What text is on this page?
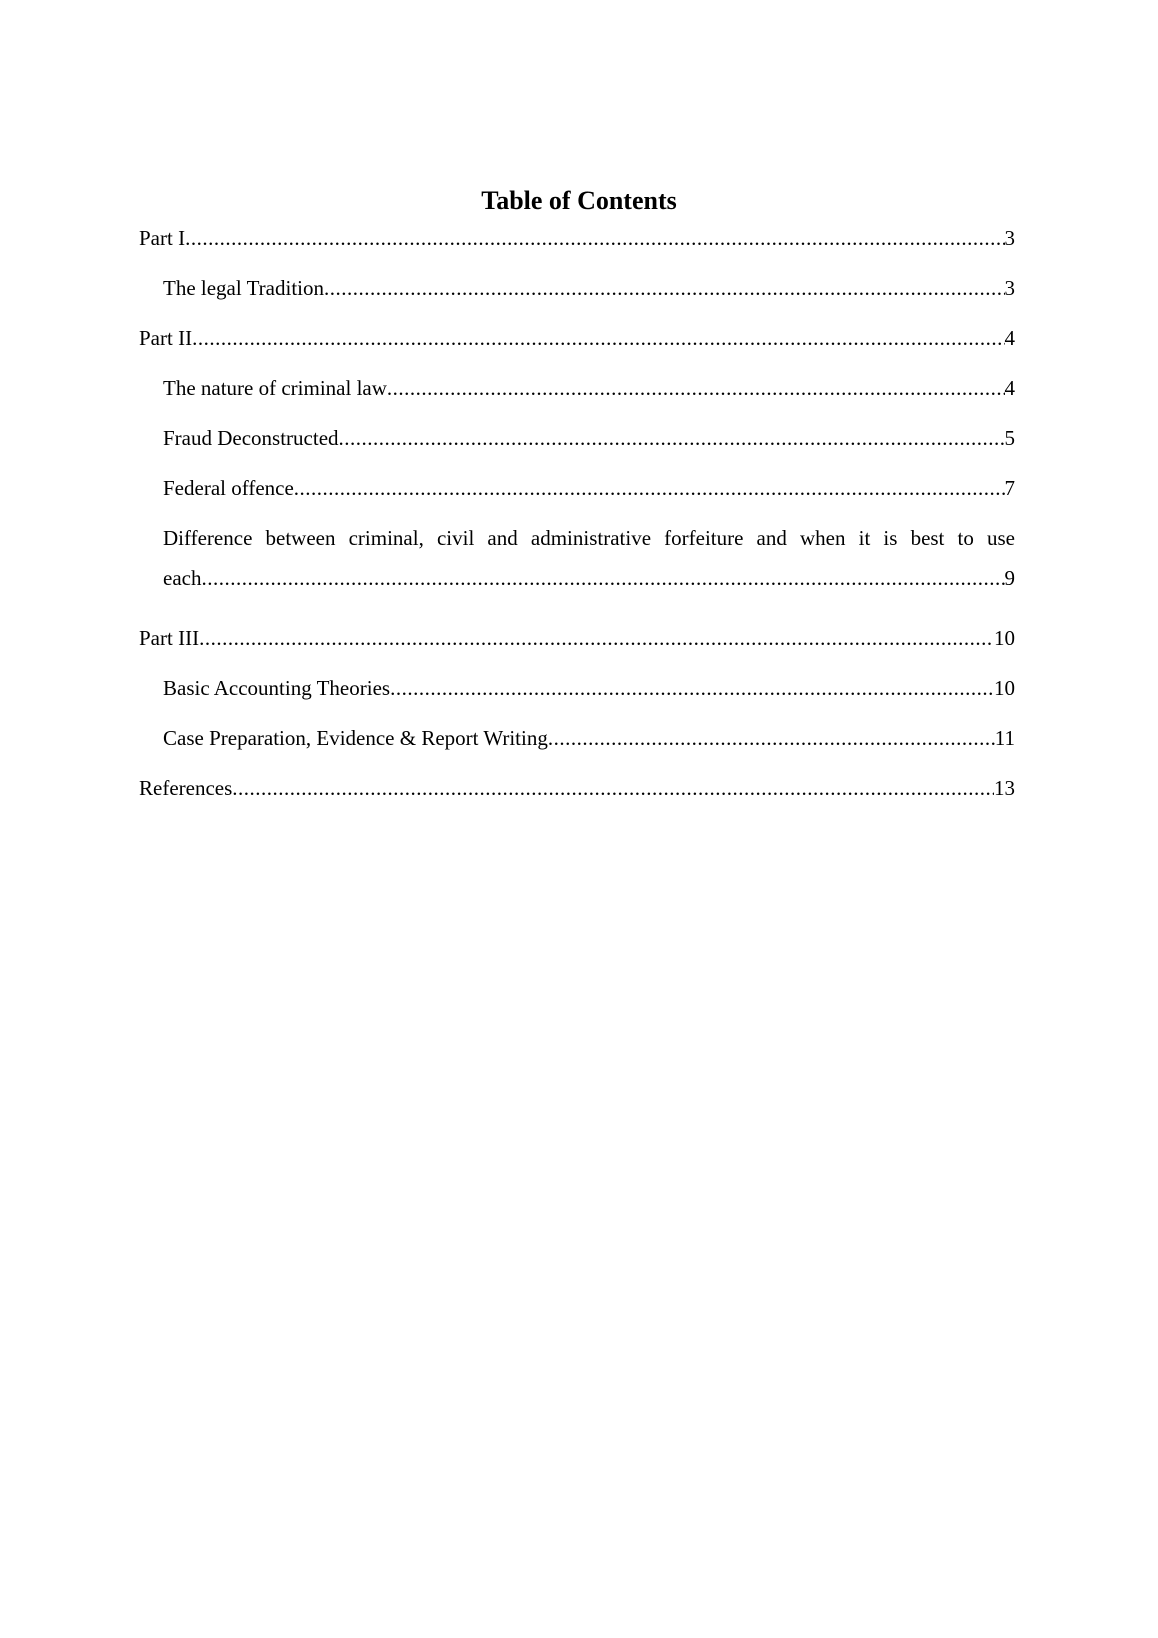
Table of Contents
Part I .....	3
The legal Tradition .....	3
Part II .....	4
The nature of criminal law .....	4
Fraud Deconstructed .....	5
Federal offence .....	7
Difference between criminal, civil and administrative forfeiture and when it is best to use
each .....	9
Part III .....	10
Basic Accounting Theories .....	10
Case Preparation, Evidence & Report Writing .....	11
References .....	13
